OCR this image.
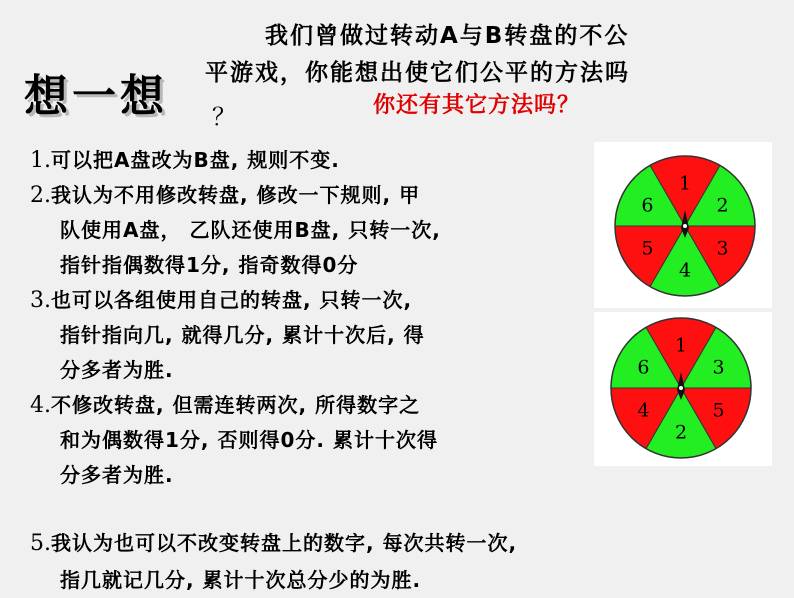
想一想
我们曾做过转动A与B转盘的不公
平游戏，你能想出使它们公平的方法吗
？	你还有其它方法吗？
1.可以把A盘改为B盘, 规则不变.
2.我认为不用修改转盘, 修改一下规则, 甲
队使用A盘， 乙队还使用B盘, 只转一次,
指针指偶数得1分, 指奇数得0分
3.也可以各组使用自己的转盘, 只转一次,
指针指向几, 就得几分, 累计十次后, 得
分多者为胜.
4.不修改转盘, 但需连转两次, 所得数字之
和为偶数得1分, 否则得0分. 累计十次得
分多者为胜.
5.我认为也可以不改变转盘上的数字, 每次共转一次,
指几就记几分, 累计十次总分少的为胜.
1
2
3
4
5
6
1
3
5
2
4
6
